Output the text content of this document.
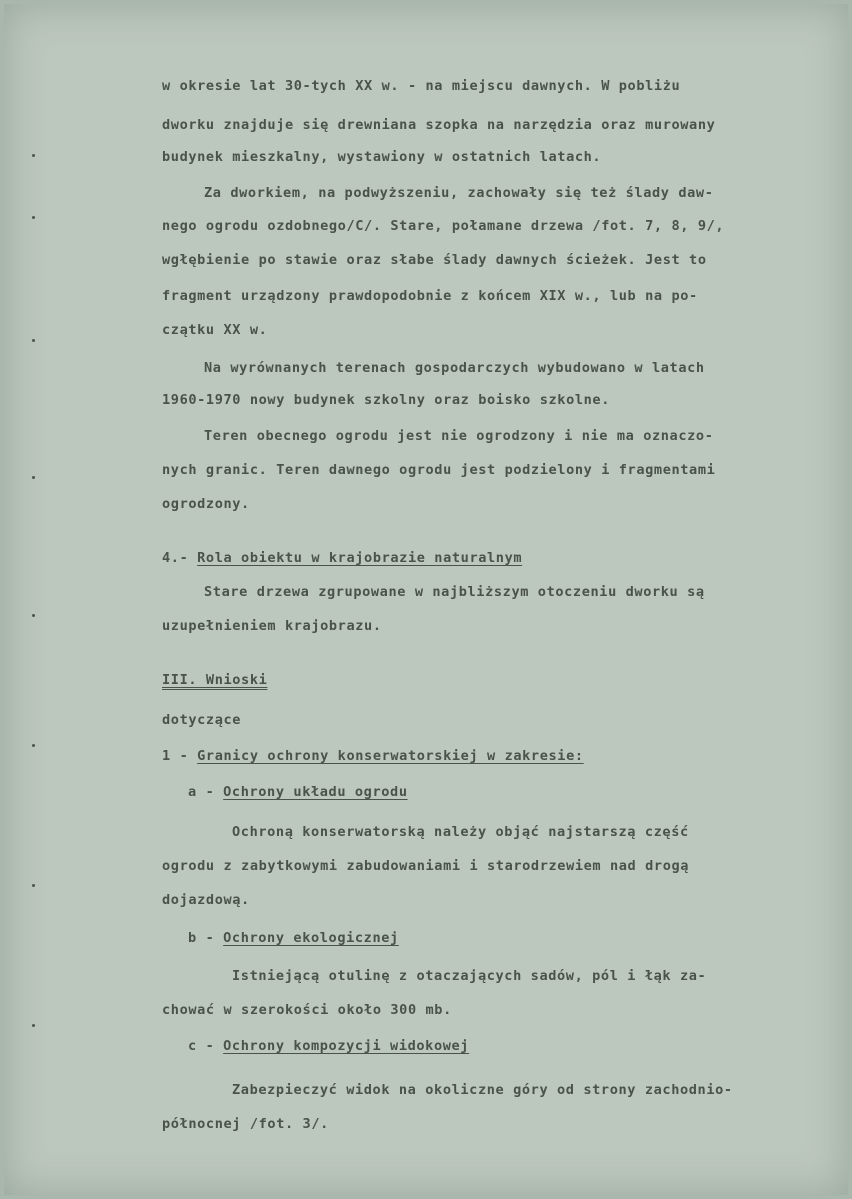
w okresie lat 30-tych XX w. - na miejscu dawnych. W pobliżu
dworku znajduje się drewniana szopka na narzędzia oraz murowany
budynek mieszkalny, wystawiony w ostatnich latach.
Za dworkiem, na podwyższeniu, zachowały się też ślady daw-
nego ogrodu ozdobnego/C/. Stare, połamane drzewa /fot. 7, 8, 9/,
wgłębienie po stawie oraz słabe ślady dawnych ścieżek. Jest to
fragment urządzony prawdopodobnie z końcem XIX w., lub na po-
czątku XX w.
Na wyrównanych terenach gospodarczych wybudowano w latach
1960-1970 nowy budynek szkolny oraz boisko szkolne.
Teren obecnego ogrodu jest nie ogrodzony i nie ma oznaczo-
nych granic. Teren dawnego ogrodu jest podzielony i fragmentami
ogrodzony.
4.- Rola obiektu w krajobrazie naturalnym
Stare drzewa zgrupowane w najbliższym otoczeniu dworku są
uzupełnieniem krajobrazu.
III. Wnioski
dotyczące
1 - Granicy ochrony konserwatorskiej w zakresie:
a - Ochrony układu ogrodu
Ochroną konserwatorską należy objąć najstarszą część
ogrodu z zabytkowymi zabudowaniami i starodrzewiem nad drogą
dojazdową.
b - Ochrony ekologicznej
Istniejącą otulinę z otaczających sadów, pól i łąk za-
chować w szerokości około 300 mb.
c - Ochrony kompozycji widokowej
Zabezpieczyć widok na okoliczne góry od strony zachodnio-
północnej /fot. 3/.
